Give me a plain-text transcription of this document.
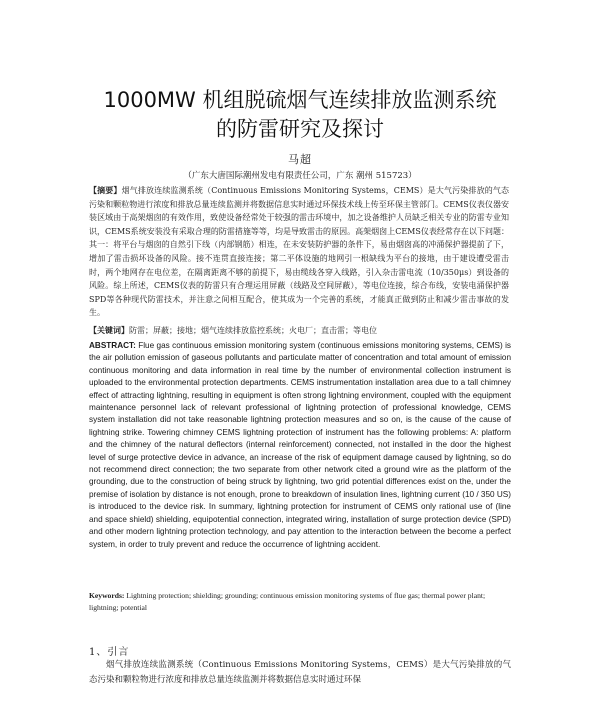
1000MW 机组脱硫烟气连续排放监测系统
的防雷研究及探讨

马超

（广东大唐国际潮州发电有限责任公司，广东 潮州 515723）

【摘要】烟气排放连续监测系统（Continuous Emissions Monitoring Systems，CEMS）是大气污染排放的气态污染和颗粒物进行浓度和排放总量连续监测并将数据信息实时通过环保技术线上传至环保主管部门。CEMS仪表仪器安装区域由于高架烟囱的有效作用，致使设备经常处于较强的雷击环境中，加之设备维护人员缺乏相关专业的防雷专业知识，CEMS系统安装没有采取合理的防雷措施等等，均是导致雷击的原因。高架烟囱上CEMS仪表经常存在以下问题：其一：将平台与烟囱的自然引下线（内部钢筋）相连，在未安装防护器的条件下，易由烟囱高的冲涌保护器提前了下，增加了雷击损坏设备的风险。接不连贯直接连接；第二平体设施的地网引一根缺线为平台的接地，由于建设遭受雷击时，两个地网存在电位差，在隔离距离不够的前提下，易由缆线各穿入线路，引入杂击雷电流（10/350μs）到设备的风险。综上所述，CEMS仪表的防雷只有合理运用屏蔽（线路及空间屏蔽），等电位连接，综合布线，安装电涌保护器SPD等各种现代防雷技术，并注意之间相互配合，使其成为一个完善的系统，才能真正做到防止和减少雷击事故的发生。

【关键词】防雷；屏蔽；接地；烟气连续排放监控系统；火电厂；直击雷；等电位

ABSTRACT: Flue gas continuous emission monitoring system (continuous emissions monitoring systems, CEMS) is the air pollution emission of gaseous pollutants and particulate matter of concentration and total amount of emission continuous monitoring and data information in real time by the number of environmental collection instrument is uploaded to the environmental protection departments. CEMS instrumentation installation area due to a tall chimney effect of attracting lightning, resulting in equipment is often strong lightning environment, coupled with the equipment maintenance personnel lack of relevant professional of lightning protection of professional knowledge, CEMS system installation did not take reasonable lightning protection measures and so on, is the cause of the cause of lightning strike. Towering chimney CEMS lightning protection of instrument has the following problems: A: platform and the chimney of the natural deflectors (internal reinforcement) connected, not installed in the door the highest level of surge protective device in advance, an increase of the risk of equipment damage caused by lightning, so do not recommend direct connection; the two separate from other network cited a ground wire as the platform of the grounding, due to the construction of being struck by lightning, two grid potential differences exist on the, under the premise of isolation by distance is not enough, prone to breakdown of insulation lines, lightning current (10 / 350 US) is introduced to the device risk. In summary, lightning protection for instrument of CEMS only rational use of (line and space shield) shielding, equipotential connection, integrated wiring, installation of surge protection device (SPD) and other modern lightning protection technology, and pay attention to the interaction between the become a perfect system, in order to truly prevent and reduce the occurrence of lightning accident.

Keywords: Lightning protection; shielding; grounding; continuous emission monitoring systems of flue gas; thermal power plant; lightning; potential

1、引言

烟气排放连续监测系统（Continuous Emissions Monitoring Systems，CEMS）是大气污染排放的气态污染和颗粒物进行浓度和排放总量连续监测并将数据信息实时通过环保
